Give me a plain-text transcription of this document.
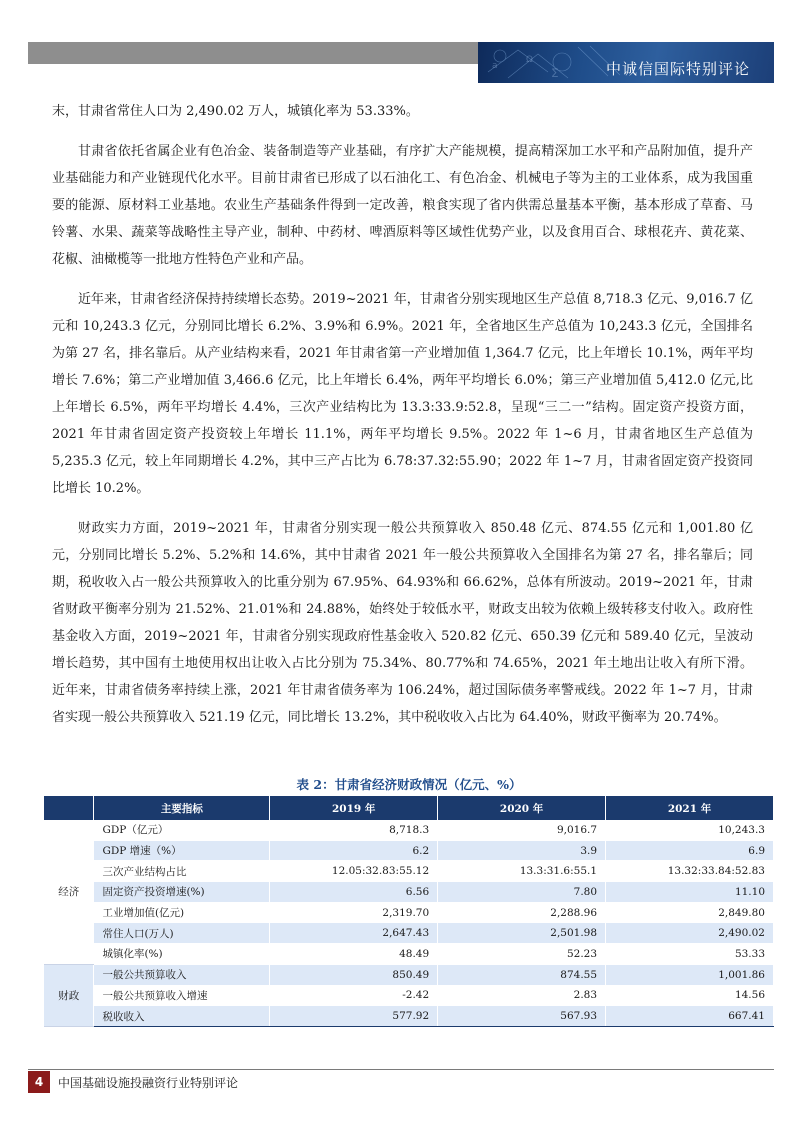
a
Ω
∑	中诚信国际特别评论

末，甘肃省常住人口为 2,490.02 万人，城镇化率为 53.33%。

甘肃省依托省属企业有色冶金、装备制造等产业基础，有序扩大产能规模，提高精深加工水平和产品附加值，提升产业基础能力和产业链现代化水平。目前甘肃省已形成了以石油化工、有色冶金、机械电子等为主的工业体系，成为我国重要的能源、原材料工业基地。农业生产基础条件得到一定改善，粮食实现了省内供需总量基本平衡，基本形成了草畜、马铃薯、水果、蔬菜等战略性主导产业，制种、中药材、啤酒原料等区域性优势产业，以及食用百合、球根花卉、黄花菜、花椒、油橄榄等一批地方性特色产业和产品。

近年来，甘肃省经济保持持续增长态势。2019~2021 年，甘肃省分别实现地区生产总值 8,718.3 亿元、9,016.7 亿元和 10,243.3 亿元，分别同比增长 6.2%、3.9%和 6.9%。2021 年，全省地区生产总值为 10,243.3 亿元，全国排名为第 27 名，排名靠后。从产业结构来看，2021 年甘肃省第一产业增加值 1,364.7 亿元，比上年增长 10.1%，两年平均增长 7.6%；第二产业增加值 3,466.6 亿元，比上年增长 6.4%，两年平均增长 6.0%；第三产业增加值 5,412.0 亿元,比上年增长 6.5%，两年平均增长 4.4%，三次产业结构比为 13.3:33.9:52.8，呈现“三二一”结构。固定资产投资方面，2021 年甘肃省固定资产投资较上年增长 11.1%，两年平均增长 9.5%。2022 年 1~6 月，甘肃省地区生产总值为 5,235.3 亿元，较上年同期增长 4.2%，其中三产占比为 6.78:37.32:55.90；2022 年 1~7 月，甘肃省固定资产投资同比增长 10.2%。

财政实力方面，2019~2021 年，甘肃省分别实现一般公共预算收入 850.48 亿元、874.55 亿元和 1,001.80 亿元，分别同比增长 5.2%、5.2%和 14.6%，其中甘肃省 2021 年一般公共预算收入全国排名为第 27 名，排名靠后；同期，税收收入占一般公共预算收入的比重分别为 67.95%、64.93%和 66.62%，总体有所波动。2019~2021 年，甘肃省财政平衡率分别为 21.52%、21.01%和 24.88%，始终处于较低水平，财政支出较为依赖上级转移支付收入。政府性基金收入方面，2019~2021 年，甘肃省分别实现政府性基金收入 520.82 亿元、650.39 亿元和 589.40 亿元，呈波动增长趋势，其中国有土地使用权出让收入占比分别为 75.34%、80.77%和 74.65%，2021 年土地出让收入有所下滑。近年来，甘肃省债务率持续上涨，2021 年甘肃省债务率为 106.24%，超过国际债务率警戒线。2022 年 1~7 月，甘肃省实现一般公共预算收入 521.19 亿元，同比增长 13.2%，其中税收收入占比为 64.40%，财政平衡率为 20.74%。

表 2：甘肃省经济财政情况（亿元、%）
	主要指标	2019 年	2020 年	2021 年
经济	GDP（亿元）	8,718.3	9,016.7	10,243.3
	GDP 增速（%）	6.2	3.9	6.9
	三次产业结构占比	12.05:32.83:55.12	13.3:31.6:55.1	13.32:33.84:52.83
	固定资产投资增速(%)	6.56	7.80	11.10
	工业增加值(亿元)	2,319.70	2,288.96	2,849.80
	常住人口(万人)	2,647.43	2,501.98	2,490.02
	城镇化率(%)	48.49	52.23	53.33
财政	一般公共预算收入	850.49	874.55	1,001.86
	一般公共预算收入增速	-2.42	2.83	14.56
	税收收入	577.92	567.93	667.41
4	中国基础设施投融资行业特别评论
